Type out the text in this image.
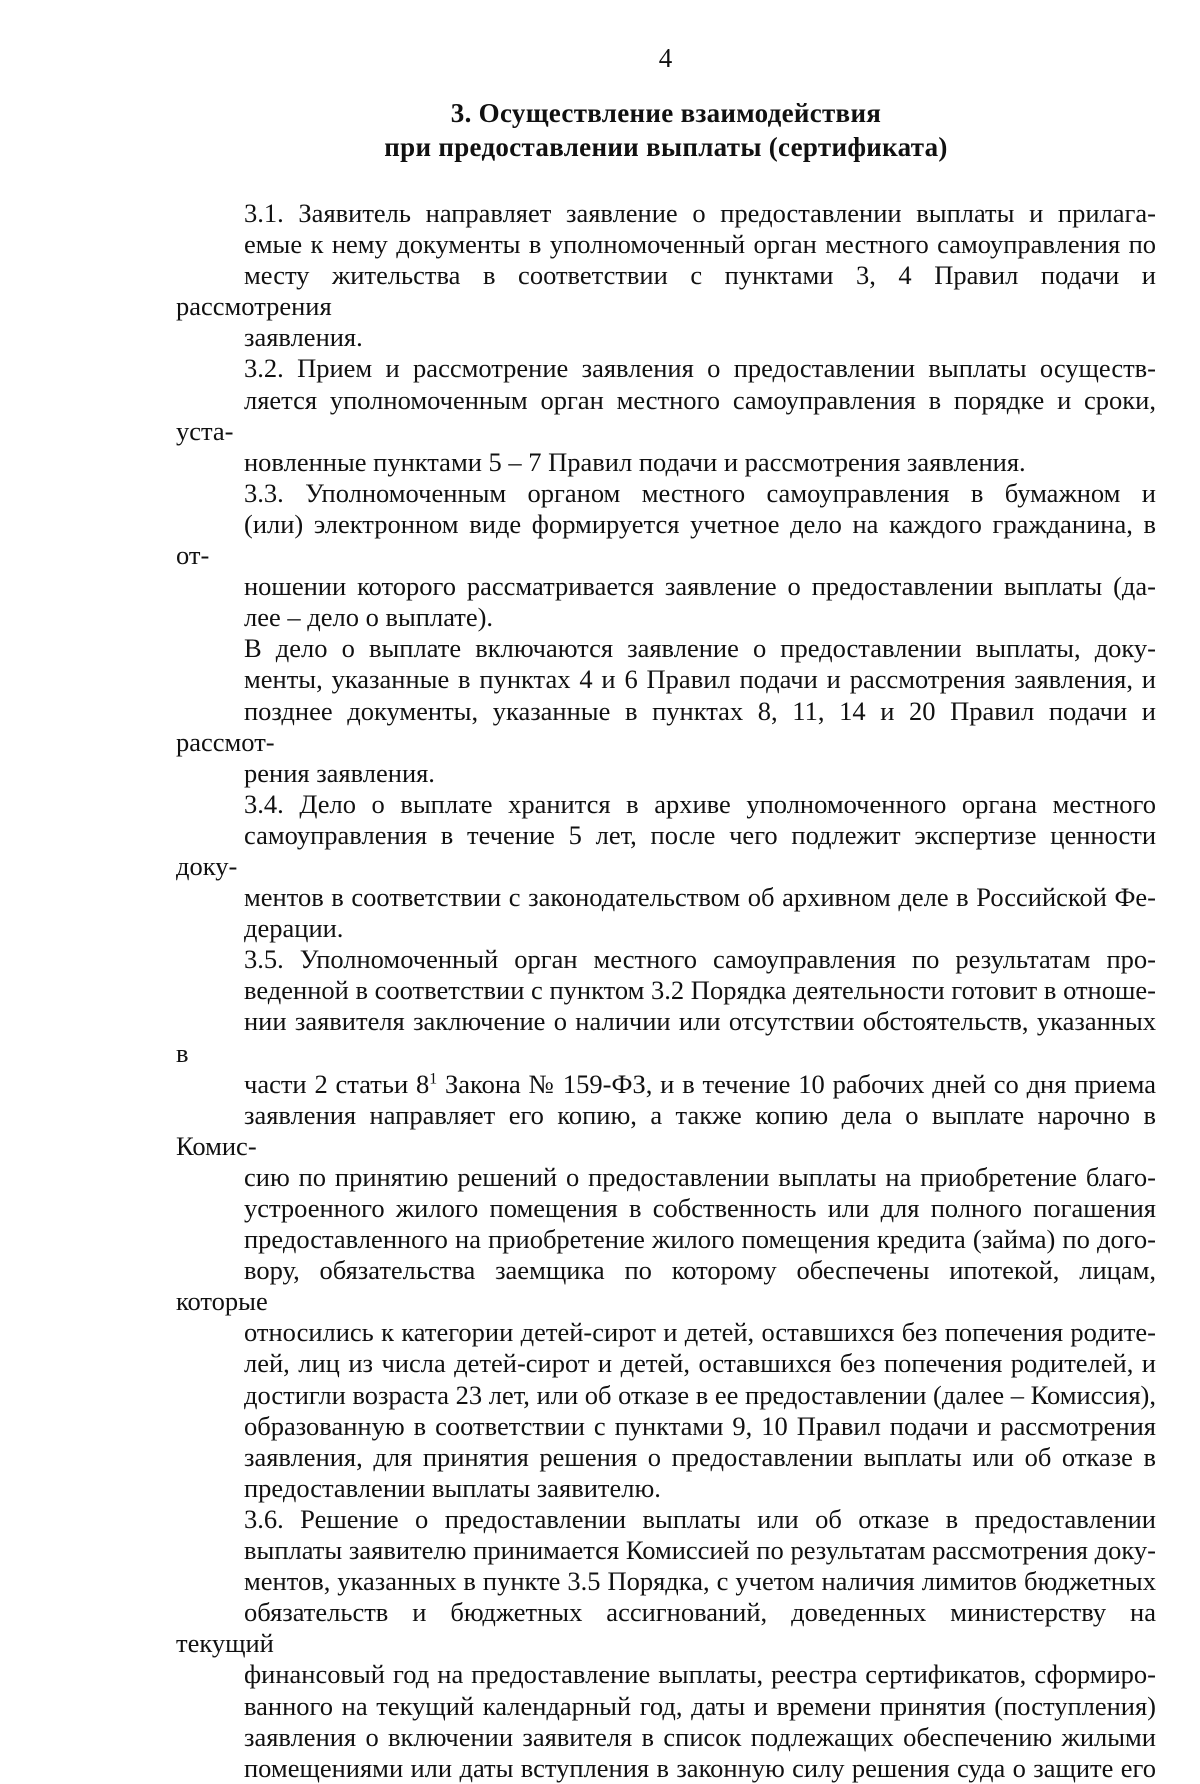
4
3. Осуществление взаимодействия
при предоставлении выплаты (сертификата)
3.1. Заявитель направляет заявление о предоставлении выплаты и прилага-
емые к нему документы в уполномоченный орган местного самоуправления по
месту жительства в соответствии с пунктами 3, 4 Правил подачи и рассмотрения
заявления.
3.2. Прием и рассмотрение заявления о предоставлении выплаты осуществ-
ляется уполномоченным орган местного самоуправления в порядке и сроки, уста-
новленные пунктами 5 – 7 Правил подачи и рассмотрения заявления.
3.3. Уполномоченным органом местного самоуправления в бумажном и
(или) электронном виде формируется учетное дело на каждого гражданина, в от-
ношении которого рассматривается заявление о предоставлении выплаты (да-
лее – дело о выплате).
В дело о выплате включаются заявление о предоставлении выплаты, доку-
менты, указанные в пунктах 4 и 6 Правил подачи и рассмотрения заявления, и
позднее документы, указанные в пунктах 8, 11, 14 и 20 Правил подачи и рассмот-
рения заявления.
3.4. Дело о выплате хранится в архиве уполномоченного органа местного
самоуправления в течение 5 лет, после чего подлежит экспертизе ценности доку-
ментов в соответствии с законодательством об архивном деле в Российской Фе-
дерации.
3.5. Уполномоченный орган местного самоуправления по результатам про-
веденной в соответствии с пунктом 3.2 Порядка деятельности готовит в отноше-
нии заявителя заключение о наличии или отсутствии обстоятельств, указанных в
части 2 статьи $8^1$ Закона № 159-ФЗ, и в течение 10 рабочих дней со дня приема
заявления направляет его копию, а также копию дела о выплате нарочно в Комис-
сию по принятию решений о предоставлении выплаты на приобретение благо-
устроенного жилого помещения в собственность или для полного погашения
предоставленного на приобретение жилого помещения кредита (займа) по дого-
вору, обязательства заемщика по которому обеспечены ипотекой, лицам, которые
относились к категории детей-сирот и детей, оставшихся без попечения родите-
лей, лиц из числа детей-сирот и детей, оставшихся без попечения родителей, и
достигли возраста 23 лет, или об отказе в ее предоставлении (далее – Комиссия),
образованную в соответствии с пунктами 9, 10 Правил подачи и рассмотрения
заявления, для принятия решения о предоставлении выплаты или об отказе в
предоставлении выплаты заявителю.
3.6. Решение о предоставлении выплаты или об отказе в предоставлении
выплаты заявителю принимается Комиссией по результатам рассмотрения доку-
ментов, указанных в пункте 3.5 Порядка, с учетом наличия лимитов бюджетных
обязательств и бюджетных ассигнований, доведенных министерству на текущий
финансовый год на предоставление выплаты, реестра сертификатов, сформиро-
ванного на текущий календарный год, даты и времени принятия (поступления)
заявления о включении заявителя в список подлежащих обеспечению жилыми
помещениями или даты вступления в законную силу решения суда о защите его
